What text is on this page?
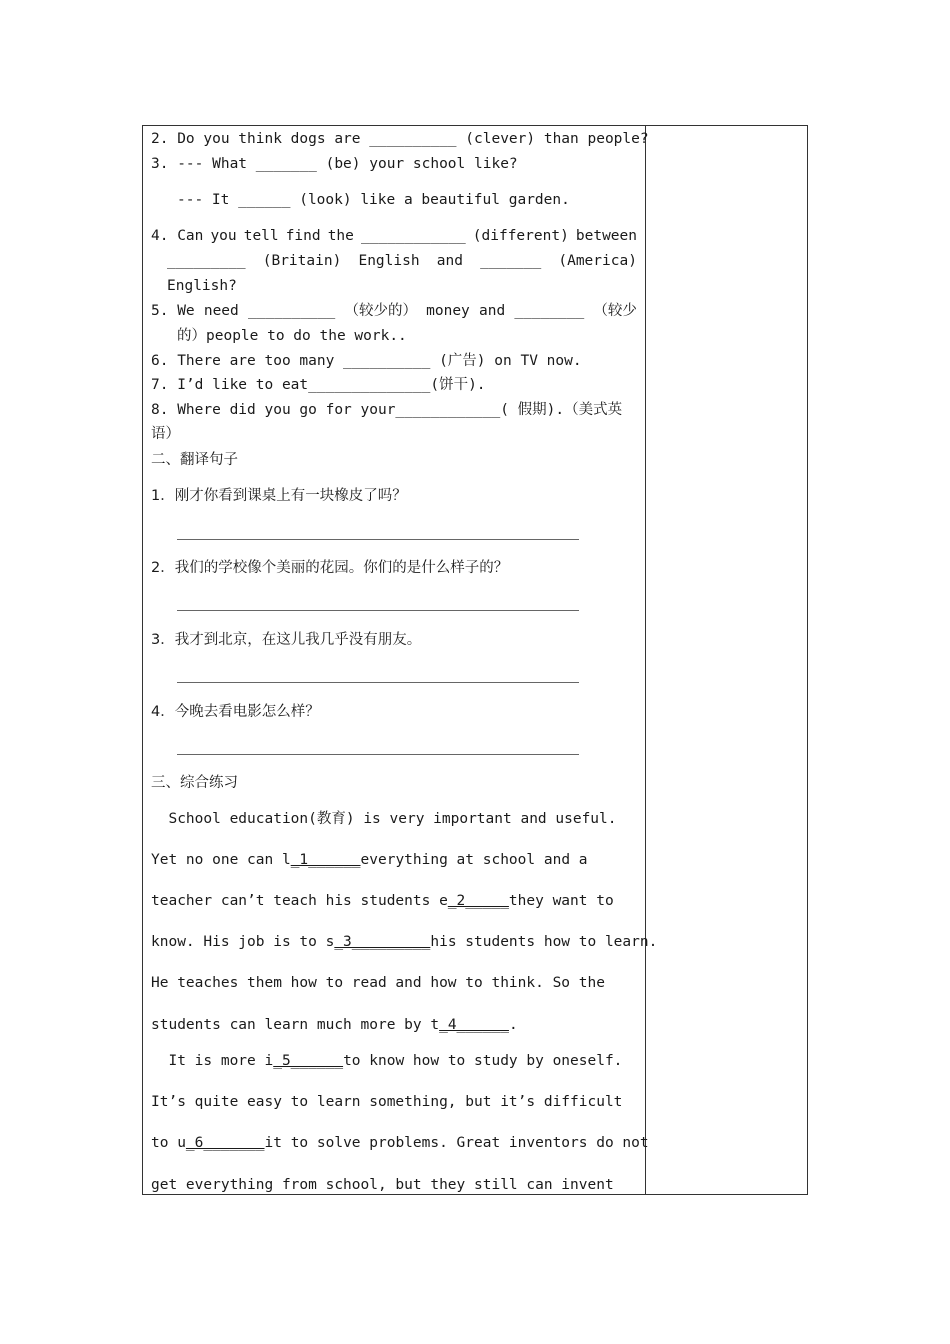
2. Do you think dogs are __________ (clever) than people?
3. --- What _______ (be) your school like?
--- It ______ (look) like a beautiful garden.
4. Can you tell find the ____________ (different) between
_________ (Britain) English and _______ (America)
English?
5. We need __________ （较少的） money and ________ （较少
的）people to do the work..
6. There are too many __________ (广告) on TV now.
7. I’d like to eat______________(饼干).
8. Where did you go for your____________( 假期).（美式英
语）
二、翻译句子
1．刚才你看到课桌上有一块橡皮了吗？
2．我们的学校像个美丽的花园。你们的是什么样子的？
3．我才到北京，在这儿我几乎没有朋友。
4．今晚去看电影怎么样？
三、综合练习
School education(教育) is very important and useful.
Yet no one can l_1______everything at school and a
teacher can’t teach his students e_2_____they want to
know. His job is to s_3_________his students how to learn.
He teaches them how to read and how to think. So the
students can learn much more by t_4______.
It is more i_5______to know how to study by oneself.
It’s quite easy to learn something, but it’s difficult
to u_6_______it to solve problems. Great inventors do not
get everything from school, but they still can invent
